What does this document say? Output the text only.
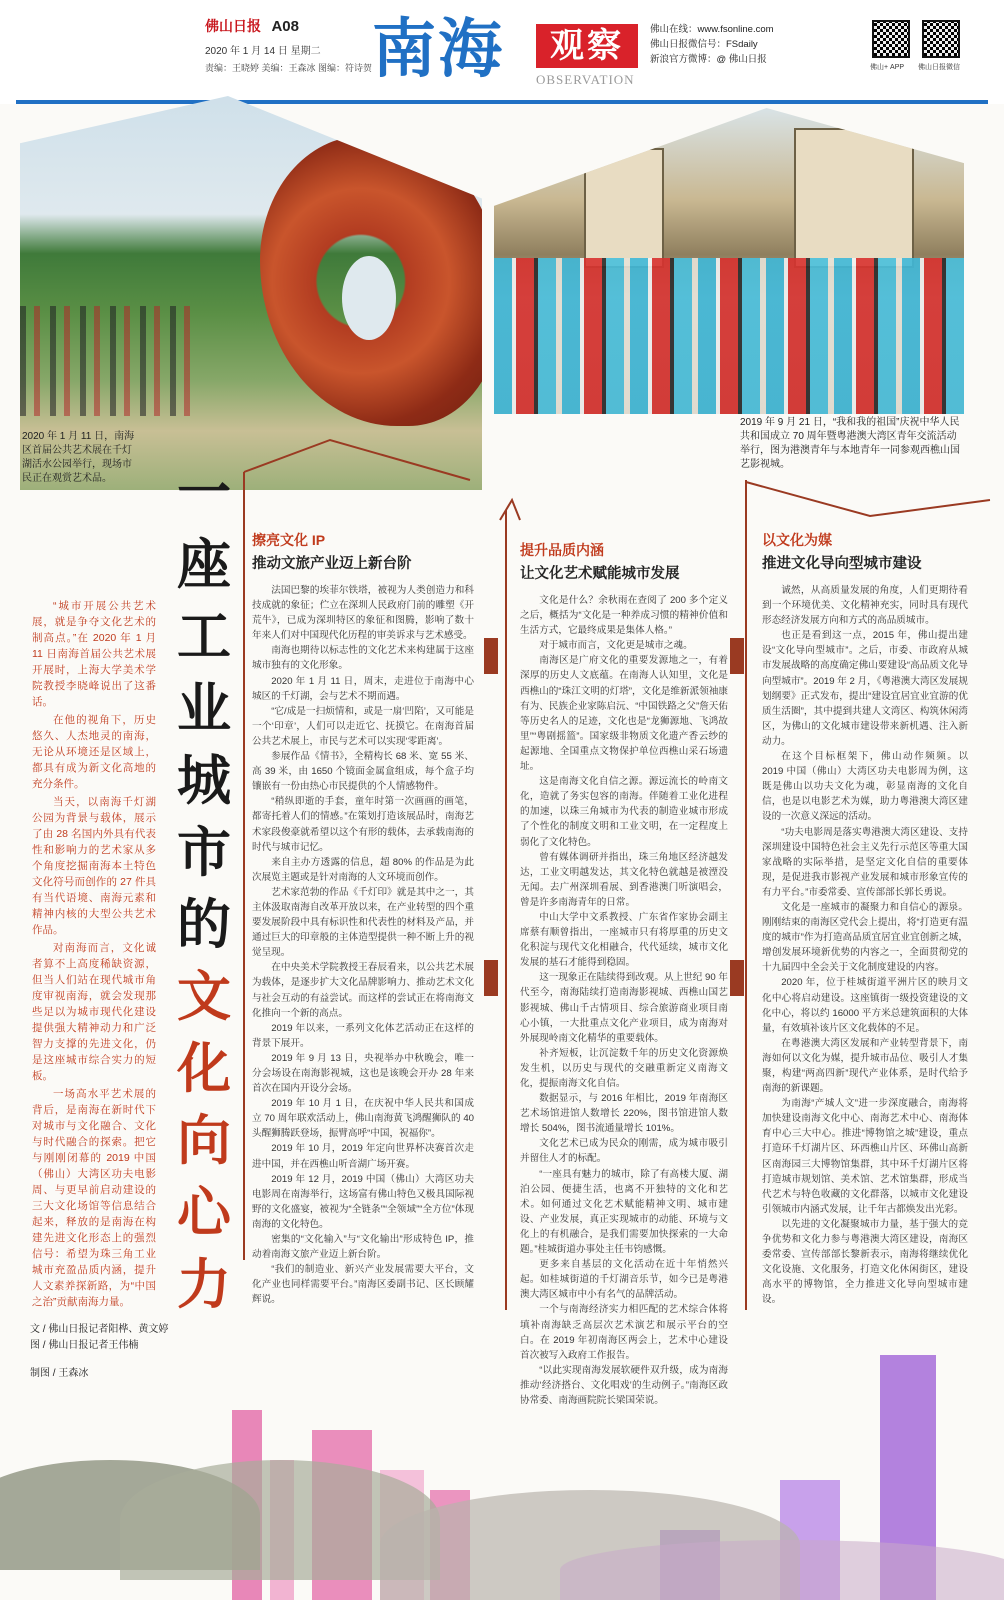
佛山日报 A08
2020 年 1 月 14 日 星期二
责编：王晓婷 美编：王森冰 图编：符诗贺 南海	观察
OBSERVATION
佛山在线：www.fsonline.com
佛山日报微信号：FSdaily
新浪官方微博：@ 佛山日报
佛山+ APP 佛山日报微信
2020 年 1 月 11 日，南海区首届公共艺术展在千灯湖活水公园举行，现场市民正在观赏艺术品。
2019 年 9 月 21 日，“我和我的祖国”庆祝中华人民共和国成立 70 周年暨粤港澳大湾区青年交流活动举行，图为港澳青年与本地青年一同参观西樵山国艺影视城。
一座工业城市的文化向心力

“城市开展公共艺术展，就是争夺文化艺术的制高点。”在 2020 年 1 月 11 日南海首届公共艺术展开展时，上海大学美术学院教授李晓峰说出了这番话。

在他的视角下，历史悠久、人杰地灵的南海，无论从环境还是区域上，都具有成为新文化高地的充分条件。

当天，以南海千灯湖公园为背景与载体，展示了由 28 名国内外具有代表性和影响力的艺术家从多个角度挖掘南海本土特色文化符号而创作的 27 件具有当代语境、南海元素和精神内核的大型公共艺术作品。

对南海而言，文化诚者算不上高度稀缺资源，但当人们站在现代城市角度审视南海，就会发现那些足以为城市现代化建设提供强大精神动力和广泛智力支撑的先进文化，仍是这座城市综合实力的短板。

一场高水平艺术展的背后，是南海在新时代下对城市与文化融合、文化与时代融合的探索。把它与刚刚闭幕的 2019 中国（佛山）大湾区功夫电影周、与更早前启动建设的三大文化场馆等信息结合起来，释放的是南海在构建先进文化形态上的强烈信号：希望为珠三角工业城市充盈品质内涵，提升人文素养探新路，为“中国之治”贡献南海力量。

文 / 佛山日报记者阳桦、黄文婷
图 / 佛山日报记者王伟楠
制图 / 王森冰
擦亮文化 IP
推动文旅产业迈上新台阶

法国巴黎的埃菲尔铁塔，被视为人类创造力和科技成就的象征；伫立在深圳人民政府门前的雕塑《开荒牛》，已成为深圳特区的象征和图腾，影响了数十年来人们对中国现代化历程的审美诉求与艺术感受。

南海也期待以标志性的文化艺术来构建属于这座城市独有的文化形象。

2020 年 1 月 11 日，周末，走进位于南海中心城区的千灯湖，会与艺术不期而遇。

“它/成是一扫烦情和，或是一扇‘凹陷’，又可能是一个‘印章’，人们可以走近它、抚摸它。在南海首届公共艺术展上，市民与艺术可以实现‘零距离’。

参展作品《情书》，全精构长 68 米、宽 55 米、高 39 米，由 1650 个镜面金属盒组成，每个盒子均镶嵌有一份由热心市民提供的个人情感物件。

“稍纵即逝的手套，童年时第一次画画的画笔，都寄托着人们的情感。”在策划打造该展品时，南海艺术家段俊豪就希望以这个有形的载体，去承载南海的时代与城市记忆。

来自主办方透露的信息，超 80% 的作品是为此次展览主题或是针对南海的人文环境而创作。

艺术家范勃的作品《千灯印》就是其中之一，其主体汲取南海自改革开放以来，在产业转型的四个重要发展阶段中具有标识性和代表性的材料及产品，并通过巨大的印章般的主体造型提供一种不断上升的视觉呈现。

在中央美术学院教授王春辰看来，以公共艺术展为载体，是逐步扩大文化品牌影响力、推动艺术文化与社会互动的有益尝试。而这样的尝试正在将南海文化推向一个新的高点。

2019 年以来，一系列文化体艺活动正在这样的背景下展开。

2019 年 9 月 13 日，央视举办中秋晚会，唯一分会场设在南海影视城，这也是该晚会开办 28 年来首次在国内开设分会场。

2019 年 10 月 1 日，在庆祝中华人民共和国成立 70 周年联欢活动上，佛山南海黄飞鸿醒狮队的 40 头醒狮腾跃登场，振臂高呼“中国，祝福你”。

2019 年 10 月，2019 年定向世界杯决赛首次走进中国，并在西樵山听音湖广场开赛。

2019 年 12 月，2019 中国（佛山）大湾区功夫电影周在南海举行，这场富有佛山特色又极具国际视野的文化盛宴，被视为“全链条”“全领域”“全方位”体现南海的文化特色。

密集的“文化输入”与“文化输出”形成特色 IP，推动着南海文旅产业迈上新台阶。

“我们的制造业、新兴产业发展需要大平台，文化产业也同样需要平台。”南海区委副书记、区长顾耀辉说。

提升品质内涵
让文化艺术赋能城市发展

文化是什么？余秋雨在查阅了 200 多个定义之后，概括为“文化是一种养成习惯的精神价值和生活方式，它最终成果是集体人格。”

对于城市而言，文化更是城市之魂。

南海区是广府文化的重要发源地之一，有着深厚的历史人文底蕴。在南海人认知里，文化是西樵山的“珠江文明的灯塔”，文化是维新派领袖康有为、民族企业家陈启沅、“中国铁路之父”詹天佑等历史名人的足迹，文化也是“龙狮源地、飞鸿故里”“粤剧摇篮”。国家级非物质文化遗产香云纱的起源地、全国重点文物保护单位西樵山采石场遗址。

这是南海文化自信之源。源远流长的岭南文化，造就了务实包容的南海。伴随着工业化进程的加速，以珠三角城市为代表的制造业城市形成了个性化的制度文明和工业文明，在一定程度上弱化了文化特色。

曾有媒体调研并指出，珠三角地区经济越发达，工业文明越发达，其文化特色就越是被湮没无闻。去广州深圳看展、到香港澳门听演唱会，曾是许多南海青年的日常。

中山大学中文系教授、广东省作家协会副主席蔡有顺曾指出，一座城市只有将厚重的历史文化积淀与现代文化相融合，代代延续，城市文化发展的基石才能得到稳固。

这一现象正在陆续得到改观。从上世纪 90 年代至今，南海陆续打造南海影视城、西樵山国艺影视城、佛山千古情项目、综合旅游商业项目南心小镇，一大批重点文化产业项目，成为南海对外展现岭南文化精华的重要载体。

补齐短板，让沉淀数千年的历史文化资源焕发生机，以历史与现代的交融重新定义南海文化，提振南海文化自信。

数据显示，与 2016 年相比，2019 年南海区艺术场馆进馆人数增长 220%，图书馆进馆人数增长 504%，图书流通量增长 101%。

文化艺术已成为民众的刚需，成为城市吸引并留住人才的标配。

“一座具有魅力的城市，除了有高楼大厦、湖泊公园、便捷生活，也离不开独特的文化和艺术。如何通过文化艺术赋能精神文明、城市建设、产业发展，真正实现城市的动能、环境与文化上的有机融合，是我们需要加快探索的一大命题。”桂城街道办事处主任韦钧感慨。

更多来自基层的文化活动在近十年悄然兴起。如桂城街道的千灯湖音乐节，如今已是粤港澳大湾区城市中小有名气的品牌活动。

一个与南海经济实力相匹配的艺术综合体将填补南海缺乏高层次艺术演艺和展示平台的空白。在 2019 年初南海区两会上，艺术中心建设首次被写入政府工作报告。

“以此实现南海发展软硬件双升级，成为南海推动‘经济搭台、文化唱戏’的生动例子。”南海区政协常委、南海画院院长梁国荣说。

以文化为媒
推进文化导向型城市建设

诚然，从高质量发展的角度，人们更期待看到一个环境优美、文化精神充实，同时具有现代形态经济发展方向和方式的高品质城市。

也正是看到这一点，2015 年，佛山提出建设“文化导向型城市”。之后，市委、市政府从城市发展战略的高度确定佛山要建设“高品质文化导向型城市”。2019 年 2 月，《粤港澳大湾区发展规划纲要》正式发布，提出“建设宜居宜业宜游的优质生活圈”，其中提到共建人文湾区、构筑休闲湾区，为佛山的文化城市建设带来新机遇、注入新动力。

在这个目标框架下，佛山动作频频。以 2019 中国（佛山）大湾区功夫电影周为例，这既是佛山以功夫文化为魂，彰显南海的文化自信，也是以电影艺术为媒，助力粤港澳大湾区建设的一次意义深远的活动。

“功夫电影周是落实粤港澳大湾区建设、支持深圳建设中国特色社会主义先行示范区等重大国家战略的实际举措，是坚定文化自信的重要体现，是促进我市影视产业发展和城市形象宣传的有力平台。”市委常委、宣传部部长郭长勇说。

文化是一座城市的凝聚力和自信心的源泉。刚刚结束的南海区党代会上提出，将“打造更有温度的城市”作为打造高品质宜居宜业宜创新之城，增创发展环境新优势的内容之一，全面贯彻党的十九届四中全会关于文化制度建设的内容。

2020 年，位于桂城街道平洲片区的映月文化中心将启动建设。这座镇街一级投资建设的文化中心，将以约 16000 平方米总建筑面积的大体量，有效填补该片区文化载体的不足。

在粤港澳大湾区发展和产业转型背景下，南海如何以文化为媒，提升城市品位、吸引人才集聚，构建“两高四新”现代产业体系，是时代给予南海的新课题。

为南海“产城人文”进一步深度融合，南海将加快建设南海文化中心、南海艺术中心、南海体育中心三大中心。推进“博物馆之城”建设，重点打造环千灯湖片区、环西樵山片区、环佛山高新区南海园三大博物馆集群，其中环千灯湖片区将打造城市规划馆、美术馆、艺术馆集群，形成当代艺术与特色收藏的文化群落，以城市文化建设引领城市内涵式发展，让千年古都焕发出光彩。

以先进的文化凝聚城市力量，基于强大的竞争优势和文化力参与粤港澳大湾区建设，南海区委常委、宣传部部长黎新表示，南海将继续优化文化设施、文化服务，打造文化休闲街区，建设高水平的博物馆，全力推进文化导向型城市建设。
